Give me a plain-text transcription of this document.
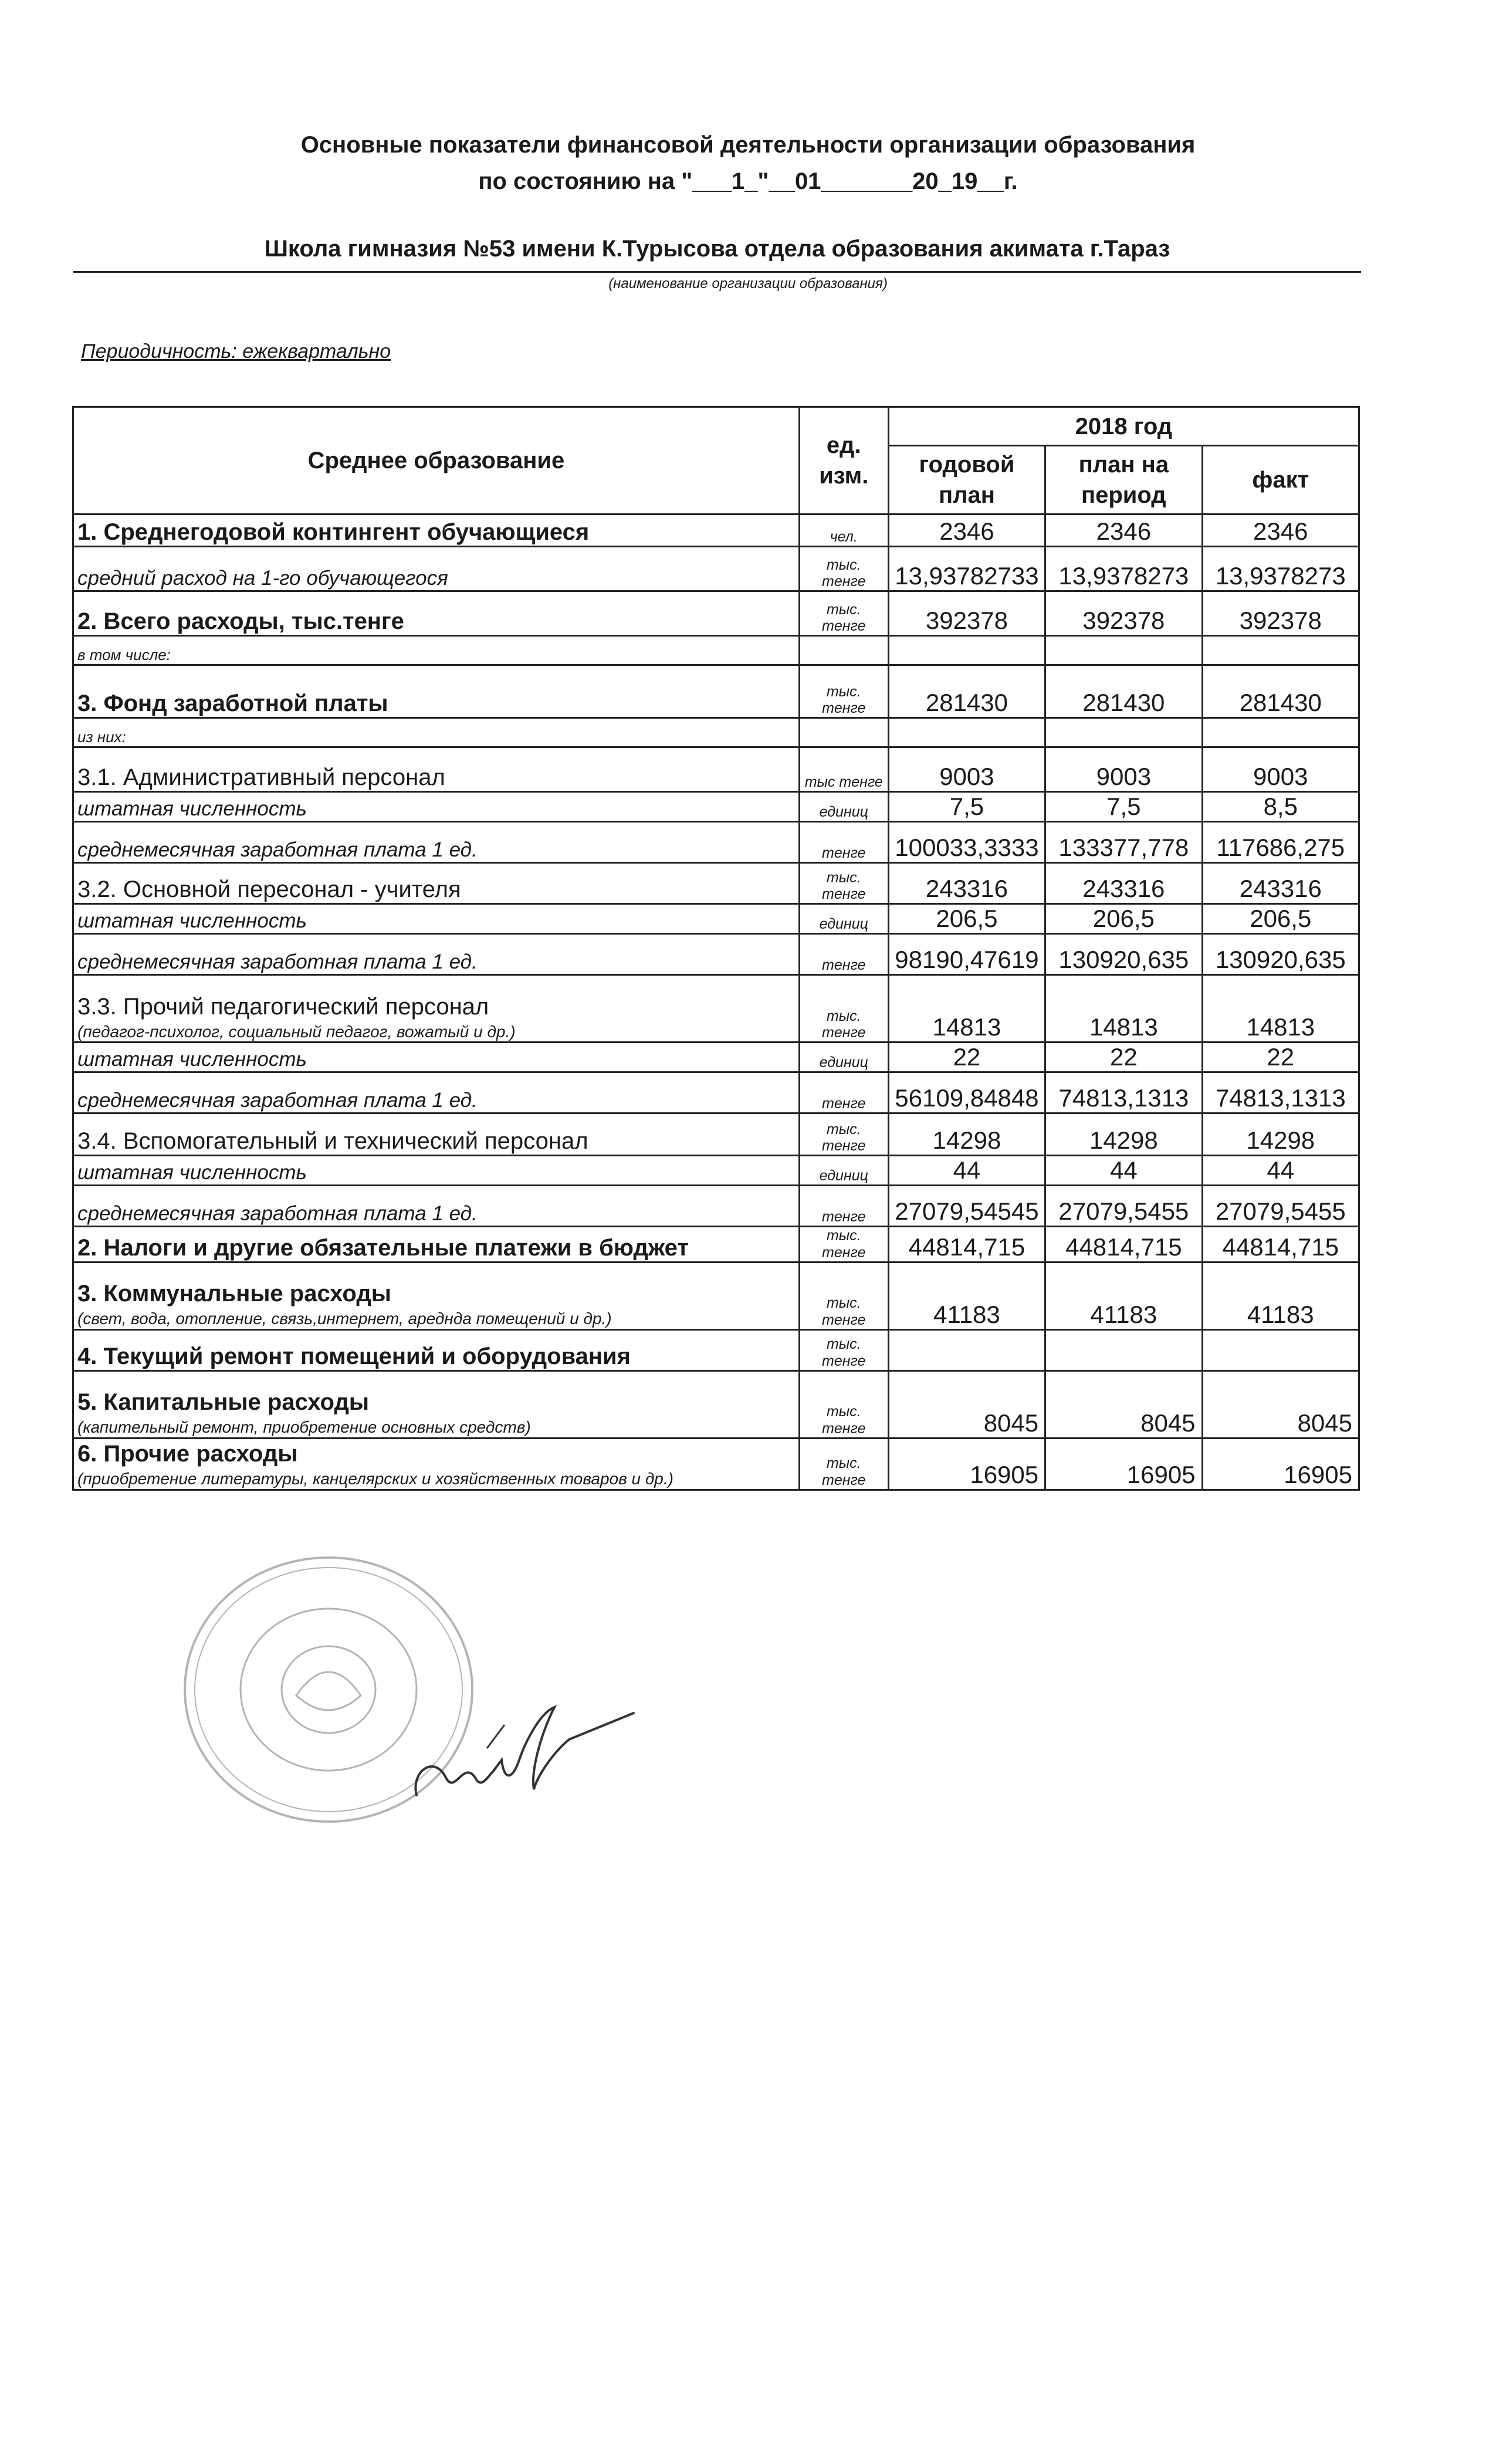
Основные показатели финансовой деятельности организации образования
по состоянию на "___1_"__01_______20_19__г.
Школа гимназия №53 имени К.Турысова отдела образования акимата г.Тараз
(наименование организации образования)
Периодичность: ежеквартально
Среднее образование	ед. изм.	2018 год		
		годовой план	план на период	факт
1. Среднегодовой контингент обучающиеся	чел.	2346	2346	2346
средний расход на 1-го обучающегося	тыс. тенге	13,93782733	13,9378273	13,9378273
2. Всего расходы, тыс.тенге	тыс. тенге	392378	392378	392378
в том числе:				
3. Фонд заработной платы	тыс. тенге	281430	281430	281430
из них:				
3.1. Админиcтративный персонал	тыс тенге	9003	9003	9003
штатная численность	единиц	7,5	7,5	8,5
среднемесячная заработная плата 1 ед.	тенге	100033,3333	133377,778	117686,275
3.2. Основной пересонал - учителя	тыс. тенге	243316	243316	243316
штатная численность	единиц	206,5	206,5	206,5
среднемесячная заработная плата 1 ед.	тенге	98190,47619	130920,635	130920,635
3.3. Прочий педагогический персонал
(педагог-психолог, социальный педагог, вожатый и др.)	тыс. тенге	14813	14813	14813
штатная численность	единиц	22	22	22
среднемесячная заработная плата 1 ед.	тенге	56109,84848	74813,1313	74813,1313
3.4. Вспомогательный и технический персонал	тыс. тенге	14298	14298	14298
штатная численность	единиц	44	44	44
среднемесячная заработная плата 1 ед.	тенге	27079,54545	27079,5455	27079,5455
2. Налоги и другие обязательные платежи в бюджет	тыс. тенге	44814,715	44814,715	44814,715
3. Коммунальные расходы
(свет, вода, отопление, связь,интернет, ареднда помещений и др.)	тыс. тенге	41183	41183	41183
4. Текущий ремонт помещений и оборудования	тыс. тенге			
5. Капитальные расходы
(капительный ремонт, приобретение основных средств)	тыс. тенге	8045	8045	8045
6. Прочие расходы
(приобретение литературы, канцелярских и хозяйственных товаров и др.)	тыс. тенге	16905	16905	16905
